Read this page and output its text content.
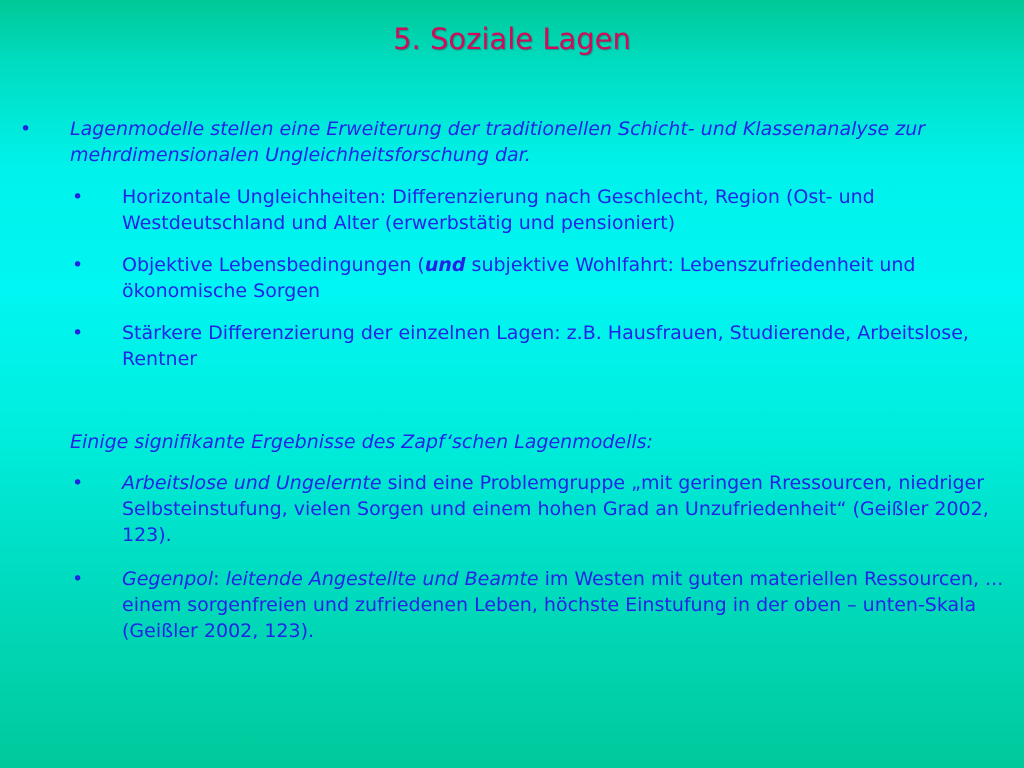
5. Soziale Lagen
• Lagenmodelle stellen eine Erweiterung der traditionellen Schicht- und Klassenanalyse zur mehrdimensionalen Ungleichheitsforschung dar.
• Horizontale Ungleichheiten: Differenzierung nach Geschlecht, Region (Ost- und Westdeutschland und Alter (erwerbstätig und pensioniert)
• Objektive Lebensbedingungen (und subjektive Wohlfahrt: Lebenszufriedenheit und ökonomische Sorgen
• Stärkere Differenzierung der einzelnen Lagen: z.B. Hausfrauen, Studierende, Arbeitslose, Rentner
Einige signifikante Ergebnisse des Zapf‘schen Lagenmodells:
• Arbeitslose und Ungelernte sind eine Problemgruppe „mit geringen Rressourcen, niedriger Selbsteinstufung, vielen Sorgen und einem hohen Grad an Unzufriedenheit“ (Geißler 2002, 123).
• Gegenpol: leitende Angestellte und Beamte im Westen mit guten materiellen Ressourcen, ... einem sorgenfreien und zufriedenen Leben, höchste Einstufung in der oben – unten-Skala (Geißler 2002, 123).
